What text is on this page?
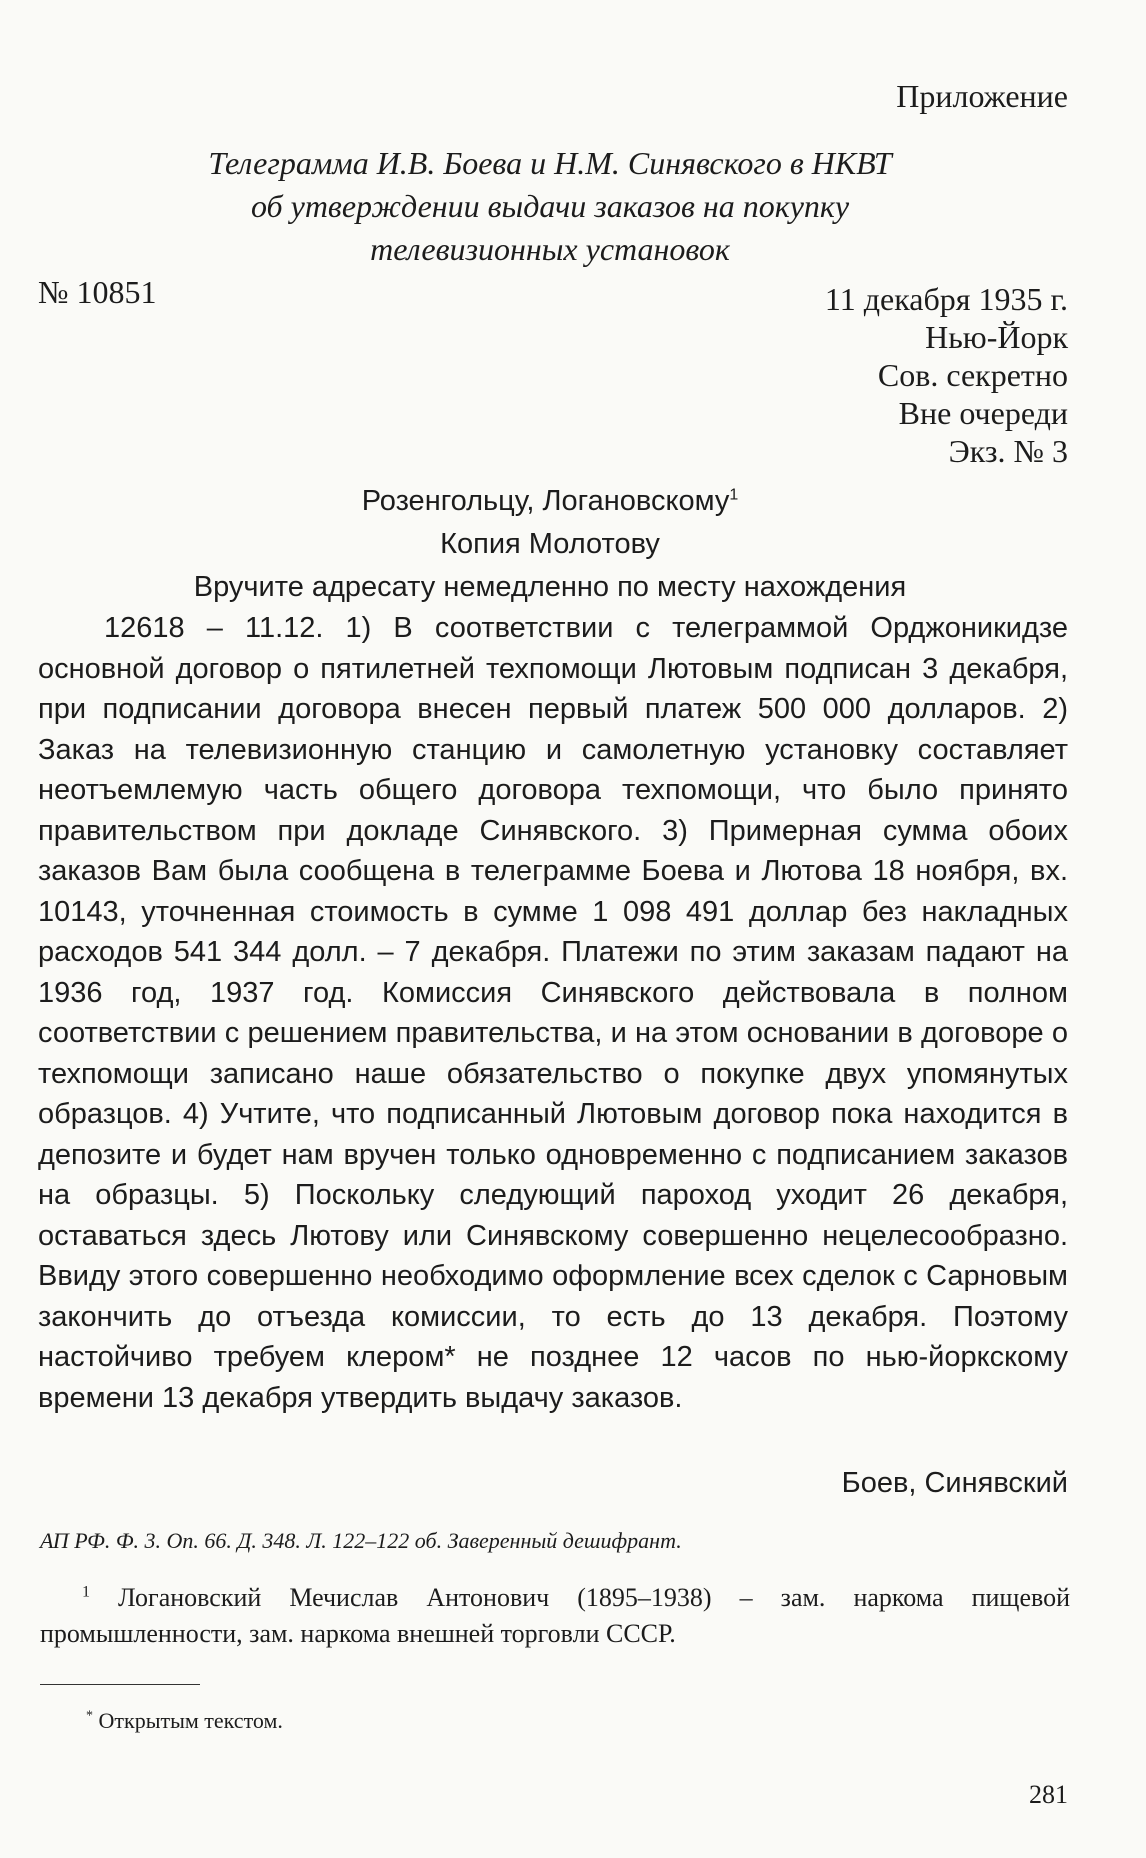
Приложение
Телеграмма И.В. Боева и Н.М. Синявского в НКВТ
об утверждении выдачи заказов на покупку
телевизионных установок
№ 10851	11 декабря 1935 г.
Нью-Йорк
Сов. секретно
Вне очереди
Экз. № 3
Розенгольцу, Логановскому$^1$
Копия Молотову
Вручите адресату немедленно по месту нахождения
12618 – 11.12. 1) В соответствии с телеграммой Орджоникидзе основной договор о пятилетней техпомощи Лютовым подписан 3 декабря, при подписании договора внесен первый платеж 500 000 долларов. 2) Заказ на телевизионную станцию и самолетную установку составляет неотъемлемую часть общего договора техпомощи, что было принято правительством при докладе Синявского. 3) Примерная сумма обоих заказов Вам была сообщена в телеграмме Боева и Лютова 18 ноября, вх. 10143, уточненная стоимость в сумме 1 098 491 доллар без накладных расходов 541 344 долл. – 7 декабря. Платежи по этим заказам падают на 1936 год, 1937 год. Комиссия Синявского действовала в полном соответствии с решением правительства, и на этом основании в договоре о техпомощи записано наше обязательство о покупке двух упомянутых образцов. 4) Учтите, что подписанный Лютовым договор пока находится в депозите и будет нам вручен только одновременно с подписанием заказов на образцы. 5) Поскольку следующий пароход уходит 26 декабря, оставаться здесь Лютову или Синявскому совершенно нецелесообразно. Ввиду этого совершенно необходимо оформление всех сделок с Сарновым закончить до отъезда комиссии, то есть до 13 декабря. Поэтому настойчиво требуем клером* не позднее 12 часов по нью-йоркскому времени 13 декабря утвердить выдачу заказов.
Боев, Синявский
АП РФ. Ф. 3. Оп. 66. Д. 348. Л. 122–122 об. Заверенный дешифрант.
$^1$ Логановский Мечислав Антонович (1895–1938) – зам. наркома пищевой промышленности, зам. наркома внешней торговли СССР.
* Открытым текстом.
281
